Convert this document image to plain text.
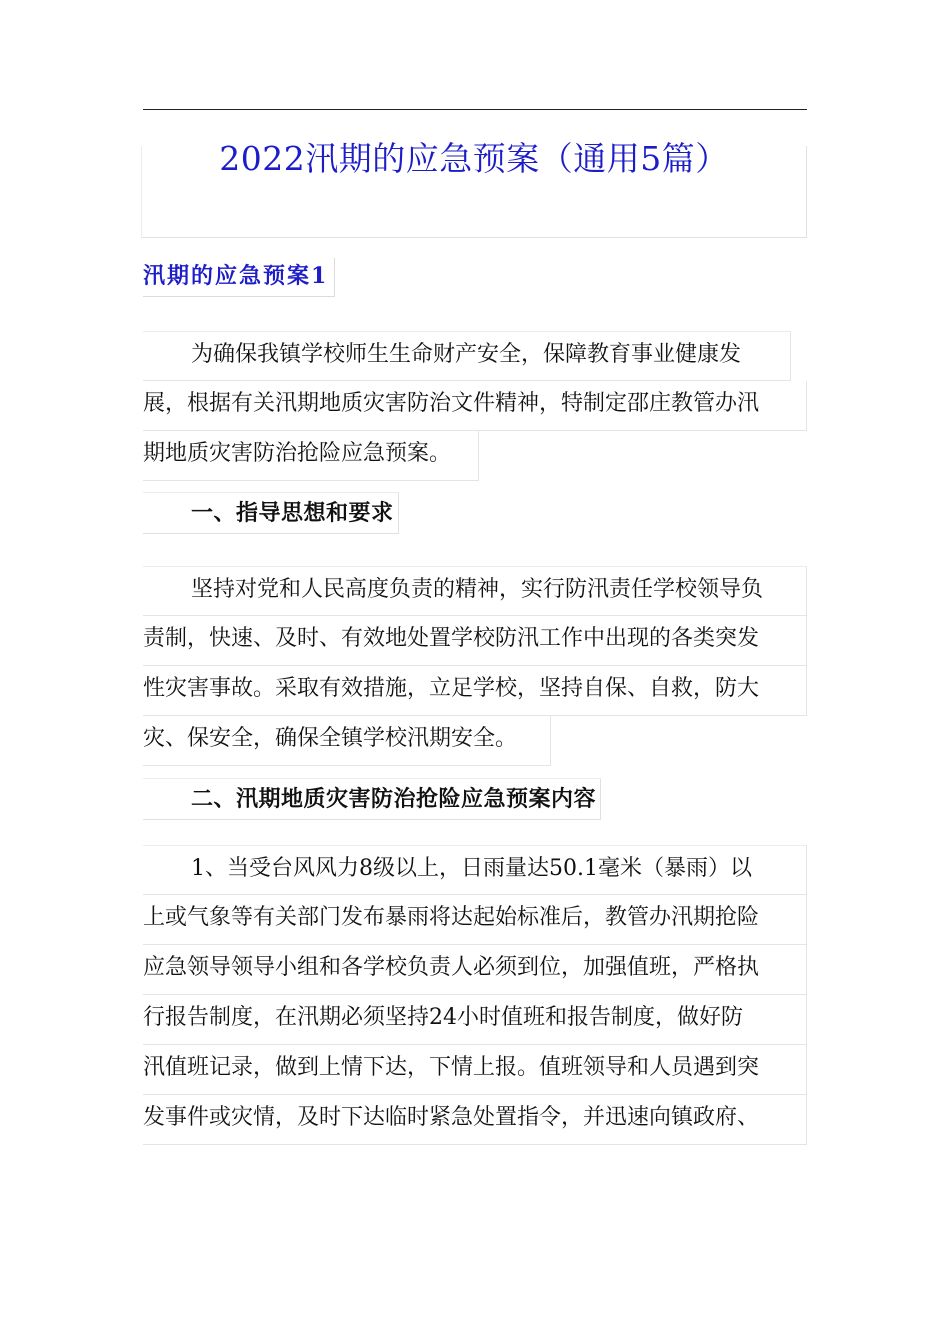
2022汛期的应急预案（通用5篇）
汛期的应急预案1
为确保我镇学校师生生命财产安全，保障教育事业健康发
展，根据有关汛期地质灾害防治文件精神，特制定邵庄教管办汛
期地质灾害防治抢险应急预案。
一、指导思想和要求
坚持对党和人民高度负责的精神，实行防汛责任学校领导负
责制，快速、及时、有效地处置学校防汛工作中出现的各类突发
性灾害事故。采取有效措施，立足学校，坚持自保、自救，防大
灾、保安全，确保全镇学校汛期安全。
二、汛期地质灾害防治抢险应急预案内容
1、当受台风风力8级以上，日雨量达50.1毫米（暴雨）以
上或气象等有关部门发布暴雨将达起始标准后，教管办汛期抢险
应急领导领导小组和各学校负责人必须到位，加强值班，严格执
行报告制度，在汛期必须坚持24小时值班和报告制度，做好防
汛值班记录，做到上情下达，下情上报。值班领导和人员遇到突
发事件或灾情，及时下达临时紧急处置指令，并迅速向镇政府、
